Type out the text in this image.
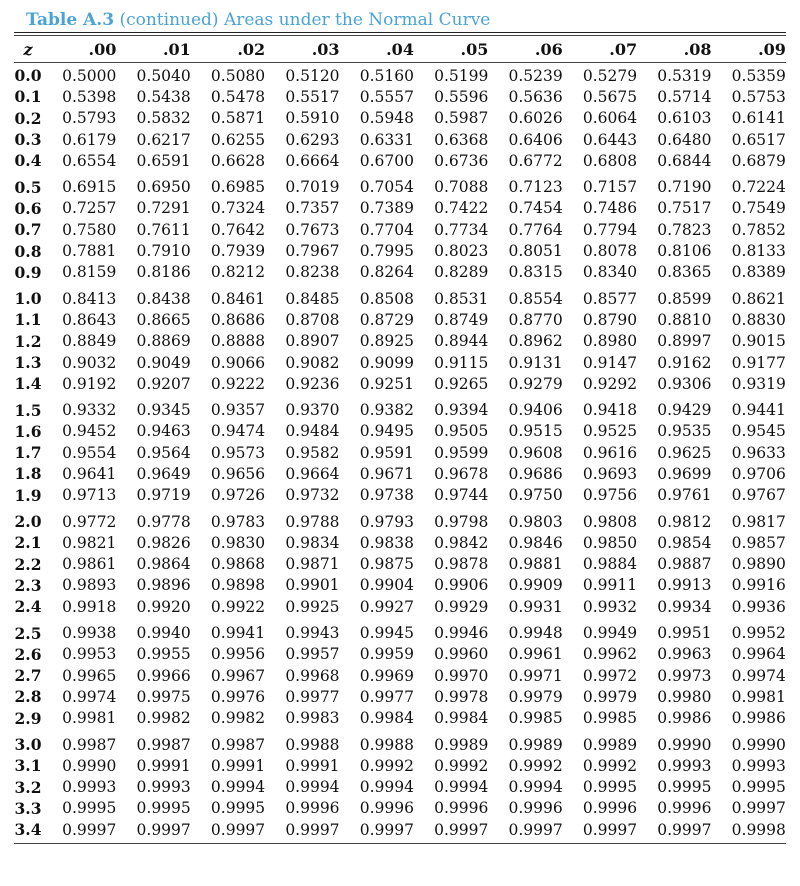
Table A.3 (continued) Areas under the Normal Curve
z	.00	.01	.02	.03	.04	.05	.06	.07	.08	.09
0.0	0.5000	0.5040	0.5080	0.5120	0.5160	0.5199	0.5239	0.5279	0.5319	0.5359
0.1	0.5398	0.5438	0.5478	0.5517	0.5557	0.5596	0.5636	0.5675	0.5714	0.5753
0.2	0.5793	0.5832	0.5871	0.5910	0.5948	0.5987	0.6026	0.6064	0.6103	0.6141
0.3	0.6179	0.6217	0.6255	0.6293	0.6331	0.6368	0.6406	0.6443	0.6480	0.6517
0.4	0.6554	0.6591	0.6628	0.6664	0.6700	0.6736	0.6772	0.6808	0.6844	0.6879
0.5	0.6915	0.6950	0.6985	0.7019	0.7054	0.7088	0.7123	0.7157	0.7190	0.7224
0.6	0.7257	0.7291	0.7324	0.7357	0.7389	0.7422	0.7454	0.7486	0.7517	0.7549
0.7	0.7580	0.7611	0.7642	0.7673	0.7704	0.7734	0.7764	0.7794	0.7823	0.7852
0.8	0.7881	0.7910	0.7939	0.7967	0.7995	0.8023	0.8051	0.8078	0.8106	0.8133
0.9	0.8159	0.8186	0.8212	0.8238	0.8264	0.8289	0.8315	0.8340	0.8365	0.8389
1.0	0.8413	0.8438	0.8461	0.8485	0.8508	0.8531	0.8554	0.8577	0.8599	0.8621
1.1	0.8643	0.8665	0.8686	0.8708	0.8729	0.8749	0.8770	0.8790	0.8810	0.8830
1.2	0.8849	0.8869	0.8888	0.8907	0.8925	0.8944	0.8962	0.8980	0.8997	0.9015
1.3	0.9032	0.9049	0.9066	0.9082	0.9099	0.9115	0.9131	0.9147	0.9162	0.9177
1.4	0.9192	0.9207	0.9222	0.9236	0.9251	0.9265	0.9279	0.9292	0.9306	0.9319
1.5	0.9332	0.9345	0.9357	0.9370	0.9382	0.9394	0.9406	0.9418	0.9429	0.9441
1.6	0.9452	0.9463	0.9474	0.9484	0.9495	0.9505	0.9515	0.9525	0.9535	0.9545
1.7	0.9554	0.9564	0.9573	0.9582	0.9591	0.9599	0.9608	0.9616	0.9625	0.9633
1.8	0.9641	0.9649	0.9656	0.9664	0.9671	0.9678	0.9686	0.9693	0.9699	0.9706
1.9	0.9713	0.9719	0.9726	0.9732	0.9738	0.9744	0.9750	0.9756	0.9761	0.9767
2.0	0.9772	0.9778	0.9783	0.9788	0.9793	0.9798	0.9803	0.9808	0.9812	0.9817
2.1	0.9821	0.9826	0.9830	0.9834	0.9838	0.9842	0.9846	0.9850	0.9854	0.9857
2.2	0.9861	0.9864	0.9868	0.9871	0.9875	0.9878	0.9881	0.9884	0.9887	0.9890
2.3	0.9893	0.9896	0.9898	0.9901	0.9904	0.9906	0.9909	0.9911	0.9913	0.9916
2.4	0.9918	0.9920	0.9922	0.9925	0.9927	0.9929	0.9931	0.9932	0.9934	0.9936
2.5	0.9938	0.9940	0.9941	0.9943	0.9945	0.9946	0.9948	0.9949	0.9951	0.9952
2.6	0.9953	0.9955	0.9956	0.9957	0.9959	0.9960	0.9961	0.9962	0.9963	0.9964
2.7	0.9965	0.9966	0.9967	0.9968	0.9969	0.9970	0.9971	0.9972	0.9973	0.9974
2.8	0.9974	0.9975	0.9976	0.9977	0.9977	0.9978	0.9979	0.9979	0.9980	0.9981
2.9	0.9981	0.9982	0.9982	0.9983	0.9984	0.9984	0.9985	0.9985	0.9986	0.9986
3.0	0.9987	0.9987	0.9987	0.9988	0.9988	0.9989	0.9989	0.9989	0.9990	0.9990
3.1	0.9990	0.9991	0.9991	0.9991	0.9992	0.9992	0.9992	0.9992	0.9993	0.9993
3.2	0.9993	0.9993	0.9994	0.9994	0.9994	0.9994	0.9994	0.9995	0.9995	0.9995
3.3	0.9995	0.9995	0.9995	0.9996	0.9996	0.9996	0.9996	0.9996	0.9996	0.9997
3.4	0.9997	0.9997	0.9997	0.9997	0.9997	0.9997	0.9997	0.9997	0.9997	0.9998
